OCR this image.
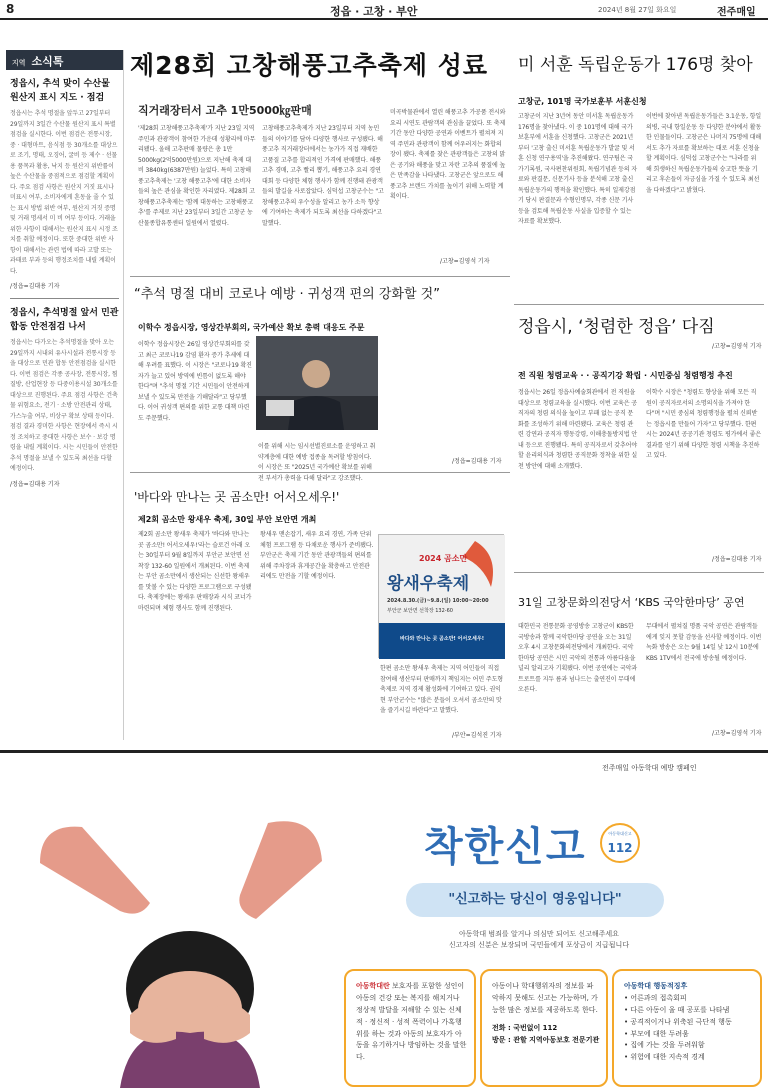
8	정읍 · 고창 · 부안	2024년 8월 27일 화요일	전주매일
지역 소식톡
정읍시, 추석 맞이 수산물 원산지 표시 지도 · 점검
정읍시는 추석 명절을 앞두고 27일부터 29일까지 3일간 수산물 원산지 표시 특별점검을 실시한다. 이번 점검은 전통시장, 중 · 대형마트, 음식점 등 30개소를 대상으로 조기, 명태, 오징어, 굴비 등 제수 · 선물용 품목과 활용, 낙지 등 원산지 위반률이 높은 수산물을 중점적으로 점검할 계획이다. 주요 점검 사항은 원산지 거짓 표시나 미표시 여부, 소비자에게 혼동을 줄 수 있는 표시 방법 위반 여부, 원산지 거짓 증명 및 거래 명세서 미 비 여부 등이다. 거래을 위한 사항이 대해서는 원산지 표시 시정 조치를 취할 예정이다. 또한 중대한 위반 사항이 대해서는 관련 법에 따라 고발 또는 과태료 부과 등의 행정조치를 내릴 계획이다.
/정읍=김대용 기자
정읍시, 추석명절 앞서 민관 합동 안전점검 나서
정읍시는 다가오는 추석명절을 맞아 오는 29일까지 시내외 유사시설과 전통시장 등을 대상으로 민관 합동 안전점검을 실시한다. 이번 점검은 각종 공사장, 전통시장, 찜질방, 산업현장 등 다중이용시설 30개소를 대상으로 진행된다. 주요 점검 사항은 건축물 위험요소, 전기 · 소방 안전관리 상태, 가스누출 여부, 비상구 확보 상태 등이다. 점검 결과 경미한 사항은 현장에서 즉시 시정 조치하고 중대한 사항은 보수 · 보강 명령을 내릴 계획이다. 시는 시민들이 안전한 추석 명절을 보낼 수 있도록 최선을 다할 예정이다.
/정읍=김대용 기자
제28회 고창해풍고추축제 성료
직거래장터서 고추 1만5000㎏판매
'제28회 고창해풍고추축제'가 지난 23일 지역 주민과 관광객이 참여한 가운데 성황리에 마무리됐다. 올해 고추판매 물량은 총 1만5000kg(2억5000만원)으로 지난해 축제 대비 3840kg(6387만원) 늘었다. 특히 고창해풍고추축제는 '고창 해풍고추'에 대한 소비자들의 높은 관심을 확인한 자리였다. 제28회 고창해풍고추축제는 '함께 대동하는 고창해풍고추'를 주제로 지난 23일부터 3일간 고창군 농산물종합유통센터 일원에서 열렸다.
고창해풍고추축제가 지난 23일부터 지역 농민들의 이야기를 담아 다양한 행사로 구성됐다. 해풍고추 직거래장터에서는 농가가 직접 재배한 고품질 고추를 합리적인 가격에 판매했다. 해풍고추 경매, 고추 빨리 뽑기, 해풍고추 요리 경연대회 등 다양한 체험 행사가 함께 진행돼 관광객들의 발길을 사로잡았다. 심덕섭 고창군수는 "고창해풍고추의 우수성을 알리고 농가 소득 향상에 기여하는 축제가 되도록 최선을 다하겠다"고 말했다.
미곡박물관에서 열린 해풍고추 가공품 전시와 요리 시연도 관람객의 관심을 끌었다. 또 축제 기간 동안 다양한 공연과 이벤트가 펼쳐져 지역 주민과 관광객이 함께 어우러지는 화합의 장이 됐다. 축제를 찾은 관광객들은 고창의 맑은 공기와 해풍을 맞고 자란 고추의 품질에 높은 만족감을 나타냈다. 고창군은 앞으로도 해풍고추 브랜드 가치를 높이기 위해 노력할 계획이다.
/고창=김영석 기자
미 서훈 독립운동가 176명 찾아
고창군, 101명 국가보훈부 서훈신청
고창군이 지난 3년여 동안 미서훈 독립운동가 176명을 찾아냈다. 이 중 101명에 대해 국가보훈부에 서훈을 신청했다. 고창군은 2021년부터 '고창 출신 미서훈 독립운동가 발굴 및 서훈 신청 연구용역'을 추진해왔다. 연구팀은 국가기록원, 국사편찬위원회, 독립기념관 등의 자료와 판결문, 신문기사 등을 분석해 고창 출신 독립운동가의 행적을 확인했다. 특히 일제강점기 당시 판결문과 수형인명부, 각종 신문 기사 등을 검토해 독립운동 사실을 입증할 수 있는 자료를 확보했다.
이번에 찾아낸 독립운동가들은 3.1운동, 항일의병, 국내 항일운동 등 다양한 분야에서 활동한 인물들이다. 고창군은 나머지 75명에 대해서도 추가 자료를 확보하는 대로 서훈 신청을 할 계획이다. 심덕섭 고창군수는 "나라를 위해 희생하신 독립운동가들의 숭고한 뜻을 기리고 후손들이 자긍심을 가질 수 있도록 최선을 다하겠다"고 밝혔다.
/고창=김영석 기자
“추석 명절 대비 코로나 예방 · 귀성객 편의 강화할 것”
이학수 정읍시장, 영상간부회의, 국가예산 확보 총력 대응도 주문
이학수 정읍시장은 26일 영상간부회의를 갖고 최근 코로나19 감염 환자 증가 추세에 대해 우려를 표했다. 이 시장은 "코로나19 확진자가 늘고 있어 방역에 빈틈이 없도록 해야 한다"며 "추석 명절 기간 시민들이 안전하게 보낼 수 있도록 만전을 기해달라"고 당부했다. 이어 귀성객 편의를 위한 교통 대책 마련도 주문했다.
이를 위해 시는 임시선별진료소를 운영하고 취약계층에 대한 예방 접종을 독려할 방침이다. 이 시장은 또 "2025년 국가예산 확보를 위해 전 부서가 총력을 다해 달라"고 강조했다.
/정읍=김대용 기자
정읍시, ‘청렴한 정읍’ 다짐
전 직원 청렴교육 · · 공직기강 확립 · 시민중심 청렴행정 추진
정읍시는 26일 정읍사예술회관에서 전 직원을 대상으로 청렴교육을 실시했다. 이번 교육은 공직자의 청렴 의식을 높이고 부패 없는 공직 문화를 조성하기 위해 마련됐다. 교육은 청렴 관련 강연과 공직자 행동강령, 이해충돌방지법 안내 등으로 진행됐다. 특히 공직자로서 갖추어야 할 윤리의식과 청렴한 공직문화 정착을 위한 실천 방안에 대해 소개했다.
이학수 시장은 "청렴도 향상을 위해 모든 직원이 공직자로서의 소명의식을 가져야 한다"며 "시민 중심의 청렴행정을 펼쳐 신뢰받는 정읍시를 만들어 가자"고 당부했다. 한편 시는 2024년 공공기관 청렴도 평가에서 좋은 결과를 얻기 위해 다양한 청렴 시책을 추진하고 있다.
/정읍=김대용 기자
'바다와 만나는 곳 곰소만! 어서오세우!'
제2회 곰소만 왕새우 축제, 30일 부안 보안면 개최
제2회 곰소만 왕새우 축제가 '바다와 만나는 곳 곰소만! 어서오세우!'라는 슬로건 아래 오는 30일부터 9월 8일까지 부안군 보안면 선착장 132-60 일원에서 개최된다. 이번 축제는 부안 곰소만에서 생산되는 신선한 왕새우를 맛볼 수 있는 다양한 프로그램으로 구성됐다. 축제장에는 왕새우 판매장과 시식 코너가 마련되며 체험 행사도 함께 진행된다.
왕새우 맨손잡기, 새우 요리 경연, 가족 단위 체험 프로그램 등 다채로운 행사가 준비됐다. 부안군은 축제 기간 동안 관광객들의 편의를 위해 주차장과 휴게공간을 확충하고 안전관리에도 만전을 기할 예정이다.
한편 곰소만 왕새우 축제는 지역 어민들이 직접 참여해 생산부터 판매까지 책임지는 어민 주도형 축제로 지역 경제 활성화에 기여하고 있다. 권익현 부안군수는 "많은 분들이 오셔서 곰소만의 맛을 즐기시길 바란다"고 말했다.
/부안=김석진 기자
2024 곰소만
왕새우축제
2024.8.30.(금)~9.8.(일) 10:00~20:00
부안군 보안면 선착장 132-60
바다와 만나는 곳 곰소만! 어서오세우!
31일 고창문화의전당서 ‘KBS 국악한마당’ 공연
대한민국 전통문화 공영방송 고창군이 KBS한국방송과 함께 국악한마당 공연을 오는 31일 오후 4시 고창문화의전당에서 개최한다. 국악한마당 공연은 시민 국악의 전통과 아름다움을 널리 알리고자 기획됐다. 이번 공연에는 국악과 트로트를 지두 름과 넘나드는 출연진이 무대에 오른다.
무대에서 펼쳐질 명품 국악 공연은 관람객들에게 잊지 못할 감동을 선사할 예정이다. 이번 녹화 방송은 오는 9월 14일 낮 12시 10분에 KBS 1TV에서 전국에 방송될 예정이다.
/고창=김영석 기자
전주매일 아동학대 예방 캠페인
착한신고	아동학대신고
112
"신고하는 당신이 영웅입니다"
아동학대 범죄를 알거나 의심만 되어도 신고해주세요
신고자의 신분은 보장되며 국민들에게 포상금이 지급됩니다
아동학대란 보호자를 포함한 성인이 아동의 건강 또는 복지를 해치거나 정상적 발달을 저해할 수 있는 신체적 · 정신적 · 성적 폭력이나 가혹행위를 하는 것과 아동의 보호자가 아동을 유기하거나 방임하는 것을 말한다.
아동이나 학대행위자의 정보를 파악하지 못해도 신고는 가능하며, 가능한 많은 정보를 제공하도록 한다.
전화 : 국번없이 112
방문 : 관할 지역아동보호 전문기관
아동학대 행동적징후
• 어른과의 접촉회피
• 다른 아동이 울 때 공포를 나타냄
• 공격적이거나 위축된 극단적 행동
• 부모에 대한 두려움
• 집에 가는 것을 두려워함
• 위험에 대한 지속적 경계
